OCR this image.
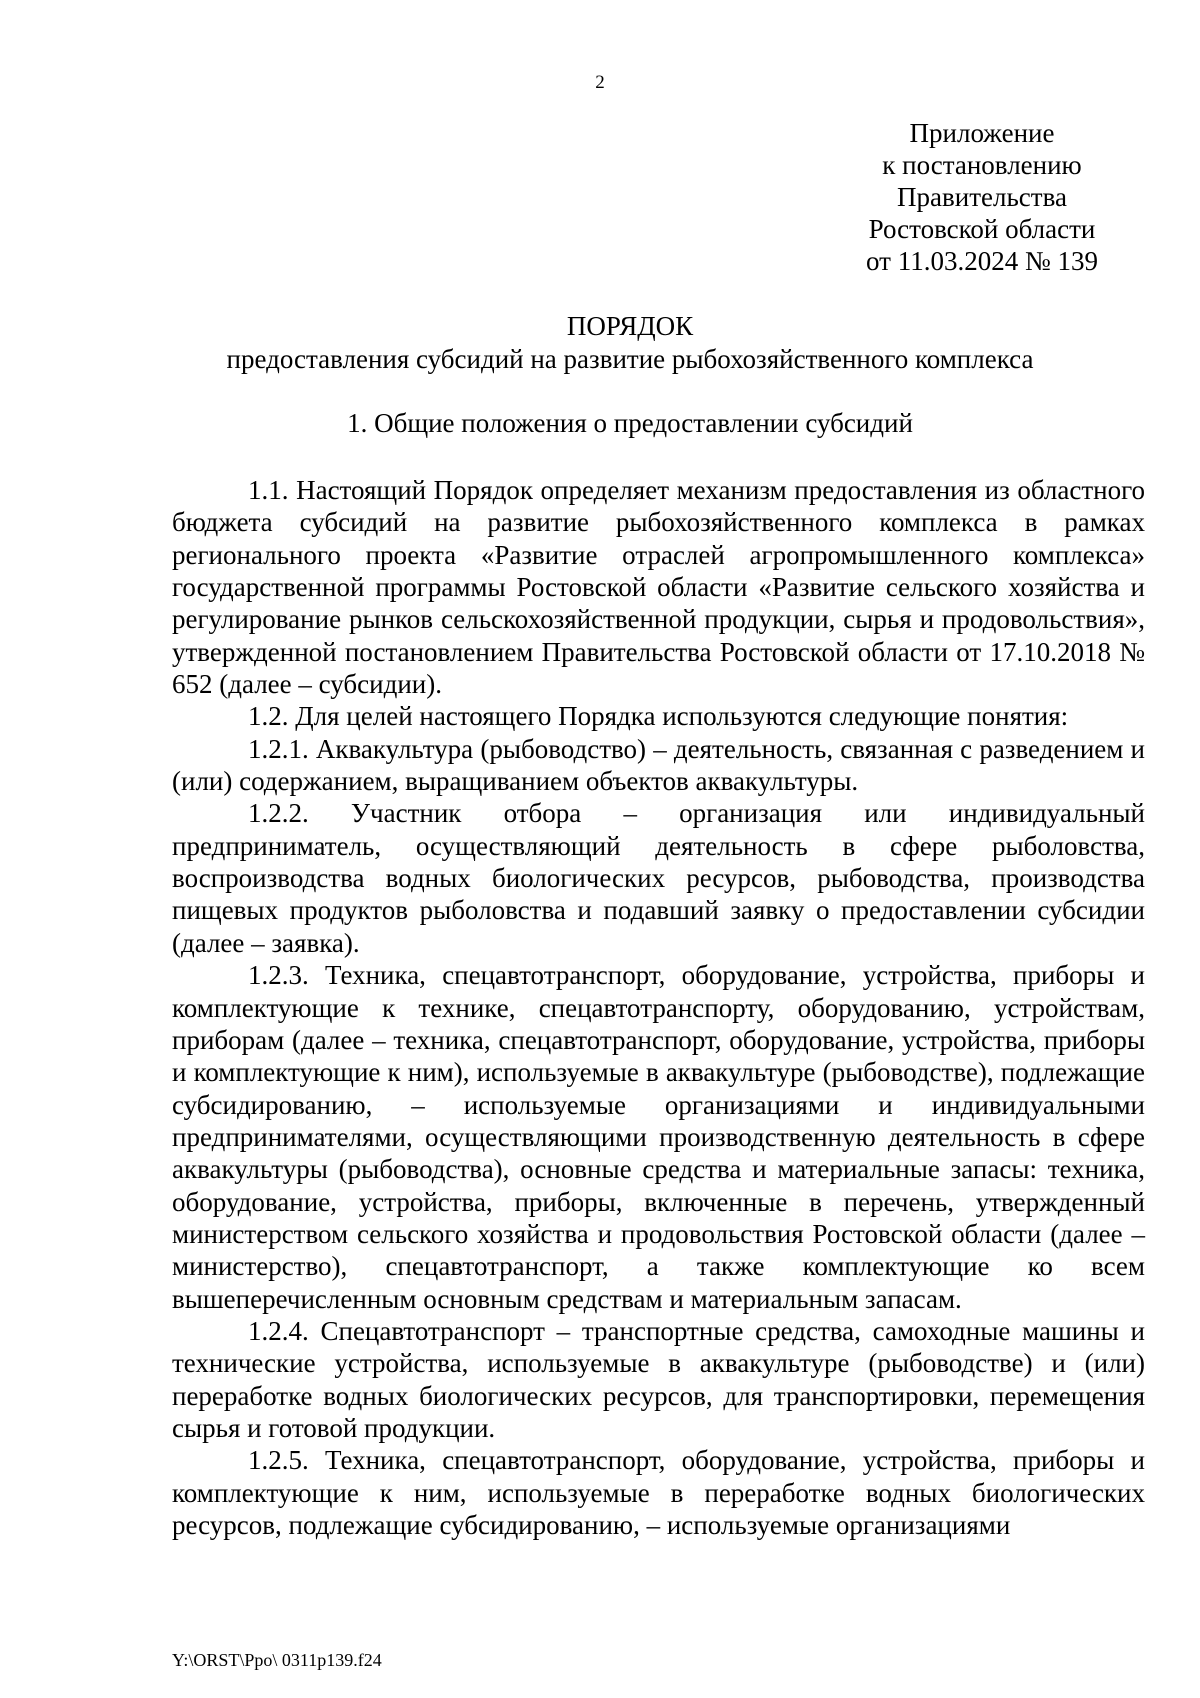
2
Приложение
к постановлению
Правительства
Ростовской области
от 11.03.2024 № 139
ПОРЯДОК
предоставления субсидий на развитие рыбохозяйственного комплекса
1. Общие положения о предоставлении субсидий

1.1. Настоящий Порядок определяет механизм предоставления из областного бюджета субсидий на развитие рыбохозяйственного комплекса в рамках регионального проекта «Развитие отраслей агропромышленного комплекса» государственной программы Ростовской области «Развитие сельского хозяйства и регулирование рынков сельскохозяйственной продукции, сырья и продовольствия», утвержденной постановлением Правительства Ростовской области от 17.10.2018 № 652 (далее – субсидии).

1.2. Для целей настоящего Порядка используются следующие понятия:

1.2.1. Аквакультура (рыбоводство) – деятельность, связанная с разведением и (или) содержанием, выращиванием объектов аквакультуры.

1.2.2. Участник отбора – организация или индивидуальный предприниматель, осуществляющий деятельность в сфере рыболовства, воспроизводства водных биологических ресурсов, рыбоводства, производства пищевых продуктов рыболовства и подавший заявку о предоставлении субсидии (далее – заявка).

1.2.3. Техника, спецавтотранспорт, оборудование, устройства, приборы и комплектующие к технике, спецавтотранспорту, оборудованию, устройствам, приборам (далее – техника, спецавтотранспорт, оборудование, устройства, приборы и комплектующие к ним), используемые в аквакультуре (рыбоводстве), подлежащие субсидированию, – используемые организациями и индивидуальными предпринимателями, осуществляющими производственную деятельность в сфере аквакультуры (рыбоводства), основные средства и материальные запасы: техника, оборудование, устройства, приборы, включенные в перечень, утвержденный министерством сельского хозяйства и продовольствия Ростовской области (далее – министерство), спецавтотранспорт, а также комплектующие ко всем вышеперечисленным основным средствам и материальным запасам.

1.2.4. Спецавтотранспорт – транспортные средства, самоходные машины и технические устройства, используемые в аквакультуре (рыбоводстве) и (или) переработке водных биологических ресурсов, для транспортировки, перемещения сырья и готовой продукции.

1.2.5. Техника, спецавтотранспорт, оборудование, устройства, приборы и комплектующие к ним, используемые в переработке водных биологических ресурсов, подлежащие субсидированию, – используемые организациями

Y:\ORST\Ppo\ 0311p139.f24
